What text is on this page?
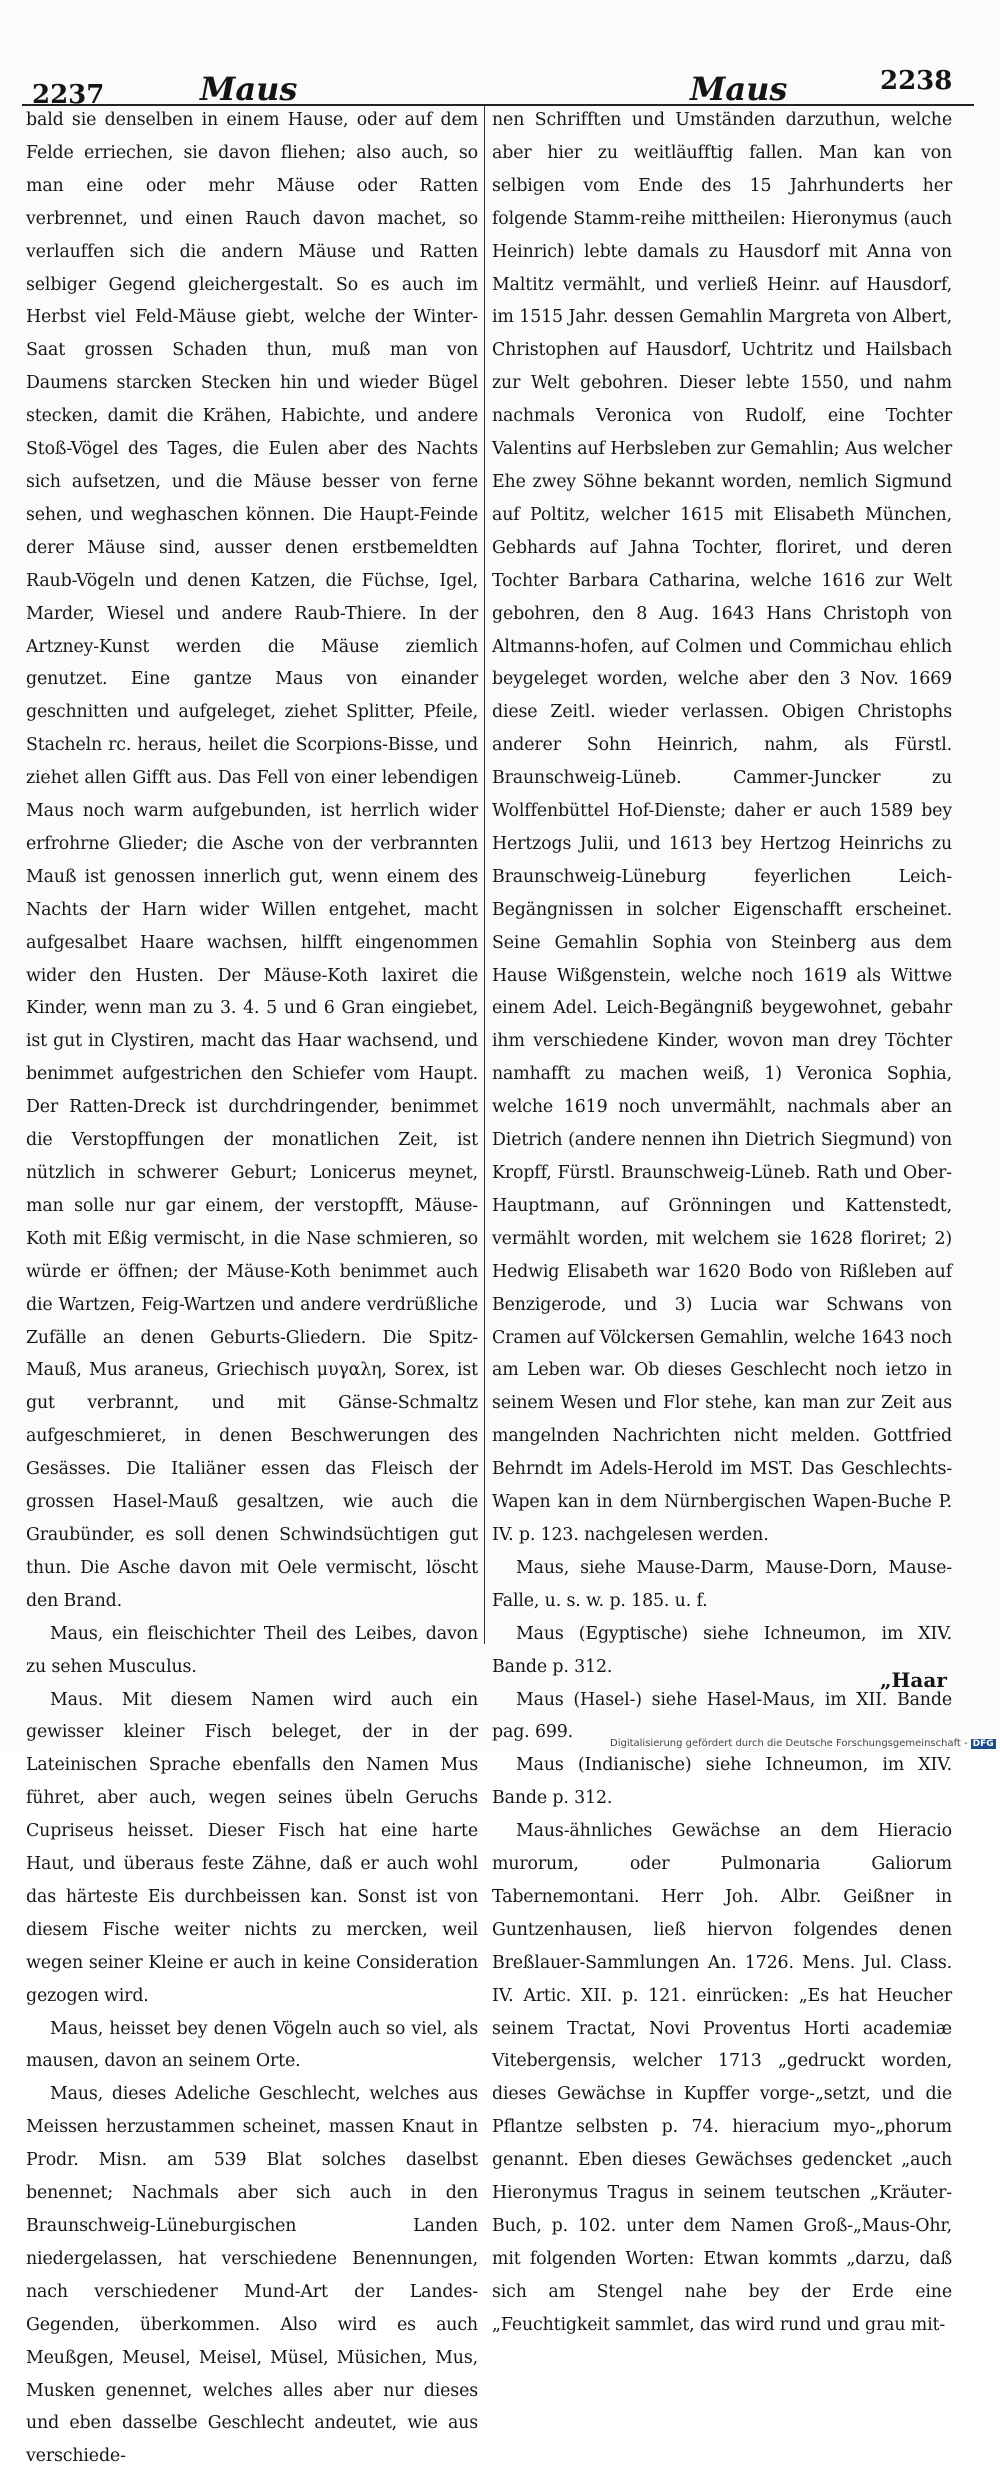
2237	Maus	Maus	2238

bald sie denselben in einem Hause, oder auf dem Felde erriechen, sie davon fliehen; also auch, so man eine oder mehr Mäuse oder Ratten verbrennet, und einen Rauch davon machet, so verlauffen sich die andern Mäuse und Ratten selbiger Gegend gleichergestalt. So es auch im Herbst viel Feld-Mäuse giebt, welche der Winter-Saat grossen Schaden thun, muß man von Daumens starcken Stecken hin und wieder Bügel stecken, damit die Krähen, Habichte, und andere Stoß-Vögel des Tages, die Eulen aber des Nachts sich aufsetzen, und die Mäuse besser von ferne sehen, und weghaschen können. Die Haupt-Feinde derer Mäuse sind, ausser denen erstbemeldten Raub-Vögeln und denen Katzen, die Füchse, Igel, Marder, Wiesel und andere Raub-Thiere. In der Artzney-Kunst werden die Mäuse ziemlich genutzet. Eine gantze Maus von einander geschnitten und aufgeleget, ziehet Splitter, Pfeile, Stacheln rc. heraus, heilet die Scorpions-Bisse, und ziehet allen Gifft aus. Das Fell von einer lebendigen Maus noch warm aufgebunden, ist herrlich wider erfrohrne Glieder; die Asche von der verbrannten Mauß ist genossen innerlich gut, wenn einem des Nachts der Harn wider Willen entgehet, macht aufgesalbet Haare wachsen, hilfft eingenommen wider den Husten. Der Mäuse-Koth laxiret die Kinder, wenn man zu 3. 4. 5 und 6 Gran eingiebet, ist gut in Clystiren, macht das Haar wachsend, und benimmet aufgestrichen den Schiefer vom Haupt. Der Ratten-Dreck ist durchdringender, benimmet die Verstopffungen der monatlichen Zeit, ist nützlich in schwerer Geburt; Lonicerus meynet, man solle nur gar einem, der verstopfft, Mäuse-Koth mit Eßig vermischt, in die Nase schmieren, so würde er öffnen; der Mäuse-Koth benimmet auch die Wartzen, Feig-Wartzen und andere verdrüßliche Zufälle an denen Geburts-Gliedern. Die Spitz-Mauß, Mus araneus, Griechisch μυγαλη, Sorex, ist gut verbrannt, und mit Gänse-Schmaltz aufgeschmieret, in denen Beschwerungen des Gesässes. Die Italiäner essen das Fleisch der grossen Hasel-Mauß gesaltzen, wie auch die Graubünder, es soll denen Schwindsüchtigen gut thun. Die Asche davon mit Oele vermischt, löscht den Brand.

Maus, ein fleischichter Theil des Leibes, davon zu sehen Musculus.

Maus. Mit diesem Namen wird auch ein gewisser kleiner Fisch beleget, der in der Lateinischen Sprache ebenfalls den Namen Mus führet, aber auch, wegen seines übeln Geruchs Cupriseus heisset. Dieser Fisch hat eine harte Haut, und überaus feste Zähne, daß er auch wohl das härteste Eis durchbeissen kan. Sonst ist von diesem Fische weiter nichts zu mercken, weil wegen seiner Kleine er auch in keine Consideration gezogen wird.

Maus, heisset bey denen Vögeln auch so viel, als mausen, davon an seinem Orte.

Maus, dieses Adeliche Geschlecht, welches aus Meissen herzustammen scheinet, massen Knaut in Prodr. Misn. am 539 Blat solches daselbst benennet; Nachmals aber sich auch in den Braunschweig-Lüneburgischen Landen niedergelassen, hat verschiedene Benennungen, nach verschiedener Mund-Art der Landes-Gegenden, überkommen. Also wird es auch Meußgen, Meusel, Meisel, Müsel, Müsichen, Mus, Musken genennet, welches alles aber nur dieses und eben dasselbe Geschlecht andeutet, wie aus verschiede-

nen Schrifften und Umständen darzuthun, welche aber hier zu weitläufftig fallen. Man kan von selbigen vom Ende des 15 Jahrhunderts her folgende Stamm-reihe mittheilen: Hieronymus (auch Heinrich) lebte damals zu Hausdorf mit Anna von Maltitz vermählt, und verließ Heinr. auf Hausdorf, im 1515 Jahr. dessen Gemahlin Margreta von Albert, Christophen auf Hausdorf, Uchtritz und Hailsbach zur Welt gebohren. Dieser lebte 1550, und nahm nachmals Veronica von Rudolf, eine Tochter Valentins auf Herbsleben zur Gemahlin; Aus welcher Ehe zwey Söhne bekannt worden, nemlich Sigmund auf Poltitz, welcher 1615 mit Elisabeth München, Gebhards auf Jahna Tochter, floriret, und deren Tochter Barbara Catharina, welche 1616 zur Welt gebohren, den 8 Aug. 1643 Hans Christoph von Altmanns-hofen, auf Colmen und Commichau ehlich beygeleget worden, welche aber den 3 Nov. 1669 diese Zeitl. wieder verlassen. Obigen Christophs anderer Sohn Heinrich, nahm, als Fürstl. Braunschweig-Lüneb. Cammer-Juncker zu Wolffenbüttel Hof-Dienste; daher er auch 1589 bey Hertzogs Julii, und 1613 bey Hertzog Heinrichs zu Braunschweig-Lüneburg feyerlichen Leich-Begängnissen in solcher Eigenschafft erscheinet. Seine Gemahlin Sophia von Steinberg aus dem Hause Wißgenstein, welche noch 1619 als Wittwe einem Adel. Leich-Begängniß beygewohnet, gebahr ihm verschiedene Kinder, wovon man drey Töchter namhafft zu machen weiß, 1) Veronica Sophia, welche 1619 noch unvermählt, nachmals aber an Dietrich (andere nennen ihn Dietrich Siegmund) von Kropff, Fürstl. Braunschweig-Lüneb. Rath und Ober-Hauptmann, auf Grönningen und Kattenstedt, vermählt worden, mit welchem sie 1628 floriret; 2) Hedwig Elisabeth war 1620 Bodo von Rißleben auf Benzigerode, und 3) Lucia war Schwans von Cramen auf Völckersen Gemahlin, welche 1643 noch am Leben war. Ob dieses Geschlecht noch ietzo in seinem Wesen und Flor stehe, kan man zur Zeit aus mangelnden Nachrichten nicht melden. Gottfried Behrndt im Adels-Herold im MST. Das Geschlechts-Wapen kan in dem Nürnbergischen Wapen-Buche P. IV. p. 123. nachgelesen werden.

Maus, siehe Mause-Darm, Mause-Dorn, Mause-Falle, u. s. w. p. 185. u. f.

Maus (Egyptische) siehe Ichneumon, im XIV. Bande p. 312.

Maus (Hasel-) siehe Hasel-Maus, im XII. Bande pag. 699.

Maus (Indianische) siehe Ichneumon, im XIV. Bande p. 312.

Maus-ähnliches Gewächse an dem Hieracio murorum, oder Pulmonaria Galiorum Tabernemontani. Herr Joh. Albr. Geißner in Guntzenhausen, ließ hiervon folgendes denen Breßlauer-Sammlungen An. 1726. Mens. Jul. Class. IV. Artic. XII. p. 121. einrücken: „Es hat Heucher seinem Tractat, Novi Proventus Horti academiæ Vitebergensis, welcher 1713 „gedruckt worden, dieses Gewächse in Kupffer vorge-„setzt, und die Pflantze selbsten p. 74. hieracium myo-„phorum genannt. Eben dieses Gewächses gedencket „auch Hieronymus Tragus in seinem teutschen „Kräuter-Buch, p. 102. unter dem Namen Groß-„Maus-Ohr, mit folgenden Worten: Etwan kommts „darzu, daß sich am Stengel nahe bey der Erde eine „Feuchtigkeit sammlet, das wird rund und grau mit-

„Haar
Digitalisierung gefördert durch die Deutsche Forschungsgemeinschaft - DFG
